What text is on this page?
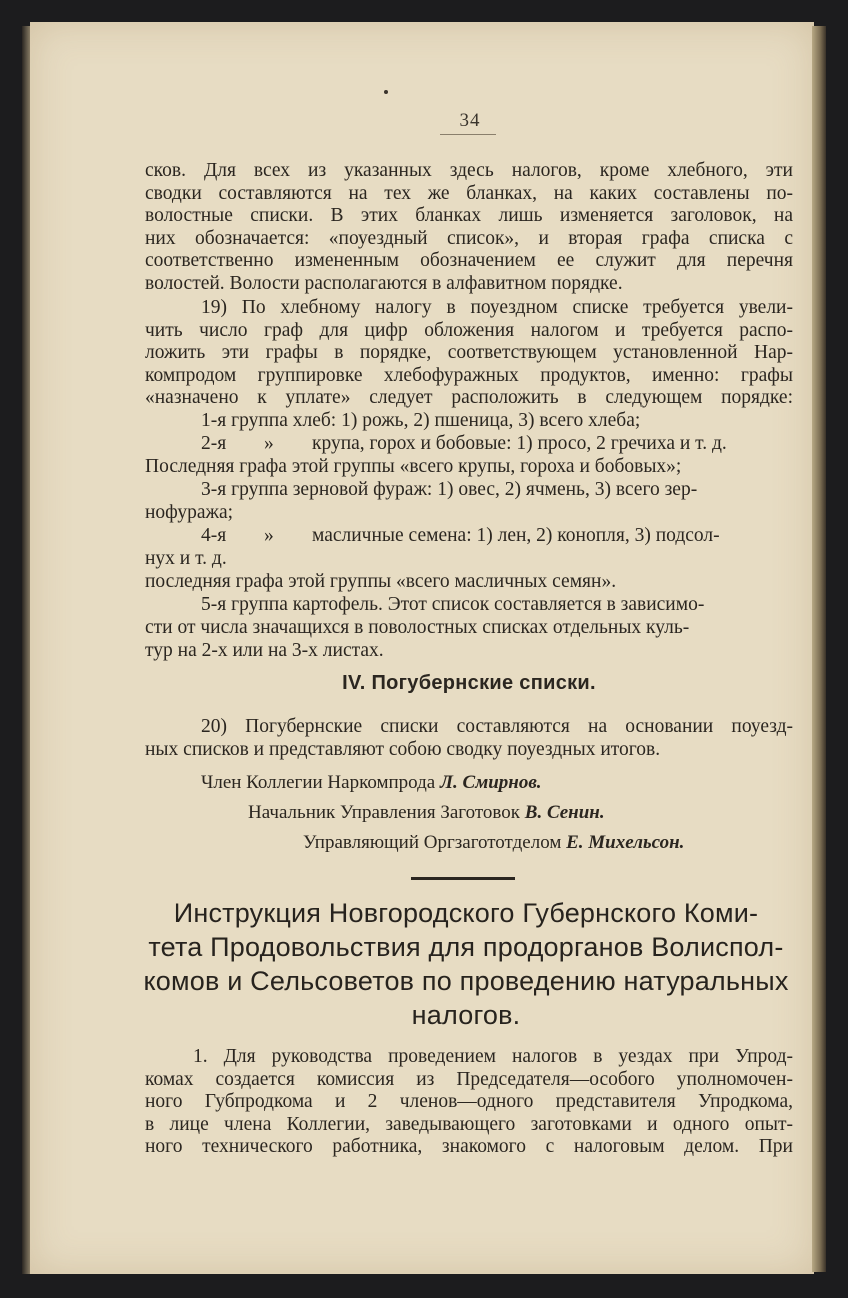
34
сков. Для всех из указанных здесь налогов, кроме хлебного, эти
сводки составляются на тех же бланках, на каких составлены по-
волостные списки. В этих бланках лишь изменяется заголовок, на
них обозначается: «поуездный список», и вторая графа списка с
соответственно измененным обозначением ее служит для перечня
волостей. Волости располагаются в алфавитном порядке.
19) По хлебному налогу в поуездном списке требуется увели-
чить число граф для цифр обложения налогом и требуется распо-
ложить эти графы в порядке, соответствующем установленной Нар-
компродом группировке хлебофуражных продуктов, именно: графы
«назначено к уплате» следует расположить в следующем порядке:
1-я группа хлеб: 1) рожь, 2) пшеница, 3) всего хлеба;
2-я	»	крупа, горох и бобовые: 1) просо, 2 гречиха и т. д.
Последняя графа этой группы «всего крупы, гороха и бобовых»;
3-я группа зерновой фураж: 1) овес, 2) ячмень, 3) всего зер-
нофуража;
4-я	»	масличные семена: 1) лен, 2) конопля, 3) подсол-
нух и т. д.
последняя графа этой группы «всего масличных семян».
5-я группа картофель. Этот список составляется в зависимо-
сти от числа значащихся в поволостных списках отдельных куль-
тур на 2-х или на 3-х листах.
IV. Погубернские списки.
20) Погубернские списки составляются на основании поуезд-
ных списков и представляют собою сводку поуездных итогов.
Член Коллегии Наркомпрода Л. Смирнов.
Начальник Управления Заготовок В. Сенин.
Управляющий Оргзагототделом Е. Михельсон.
Инструкция Новгородского Губернского Коми-
тета Продовольствия для продорганов Волиспол-
комов и Сельсоветов по проведению натуральных
налогов.
1. Для руководства проведением налогов в уездах при Упрод-
комах создается комиссия из Председателя—особого уполномочен-
ного Губпродкома и 2 членов—одного представителя Упродкома,
в лице члена Коллегии, заведывающего заготовками и одного опыт-
ного технического работника, знакомого с налоговым делом. При
